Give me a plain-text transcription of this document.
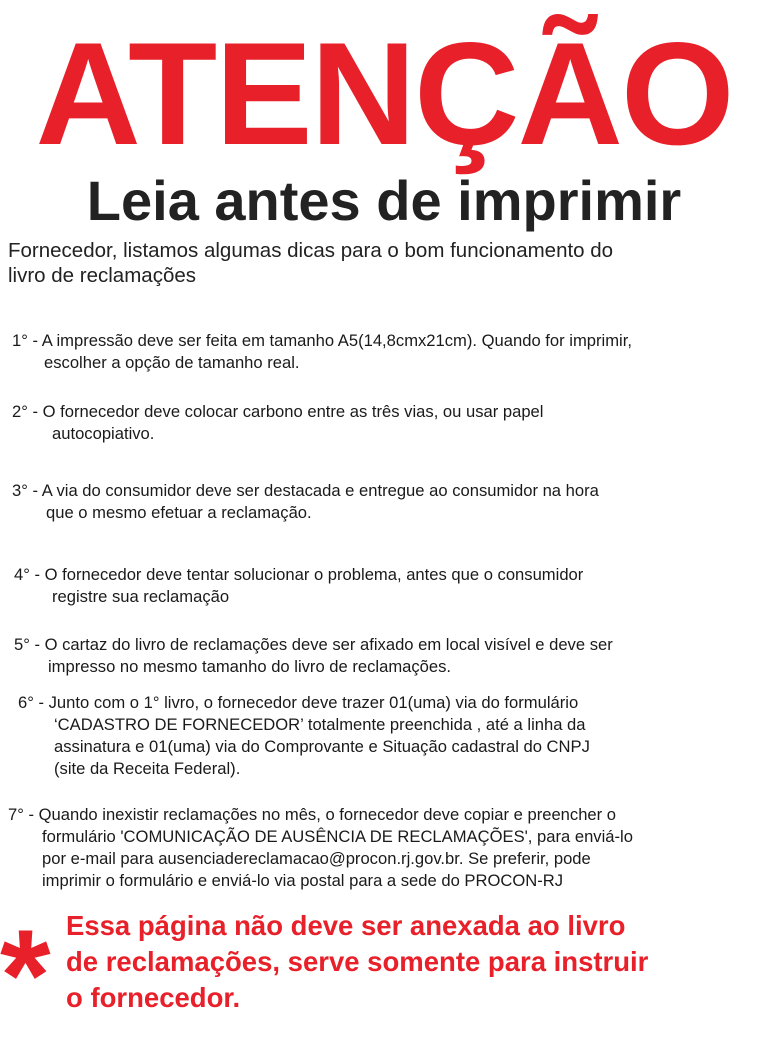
ATENÇÃO
Leia antes de imprimir
Fornecedor, listamos algumas dicas para o bom funcionamento do
livro de reclamações
1° - A impressão deve ser feita em tamanho A5(14,8cmx21cm). Quando for imprimir,
escolher a opção de tamanho real.
2° - O fornecedor deve colocar carbono entre as três vias, ou usar papel
autocopiativo.
3° - A via do consumidor deve ser destacada e entregue ao consumidor na hora
que o mesmo efetuar a reclamação.
4° - O fornecedor deve tentar solucionar o problema, antes que o consumidor
registre sua reclamação
5° - O cartaz do livro de reclamações deve ser afixado em local visível e deve ser
impresso no mesmo tamanho do livro de reclamações.
6° - Junto com o 1° livro, o fornecedor deve trazer 01(uma) via do formulário
‘CADASTRO DE FORNECEDOR’ totalmente preenchida , até a linha da
assinatura e 01(uma) via do Comprovante e Situação cadastral do CNPJ
(site da Receita Federal).
7° - Quando inexistir reclamações no mês, o fornecedor deve copiar e preencher o
formulário 'COMUNICAÇÃO DE AUSÊNCIA DE RECLAMAÇÕES', para enviá-lo
por e-mail para ausenciadereclamacao@procon.rj.gov.br. Se preferir, pode
imprimir o formulário e enviá-lo via postal para a sede do PROCON-RJ
* Essa página não deve ser anexada ao livro
de reclamações, serve somente para instruir
o fornecedor.
